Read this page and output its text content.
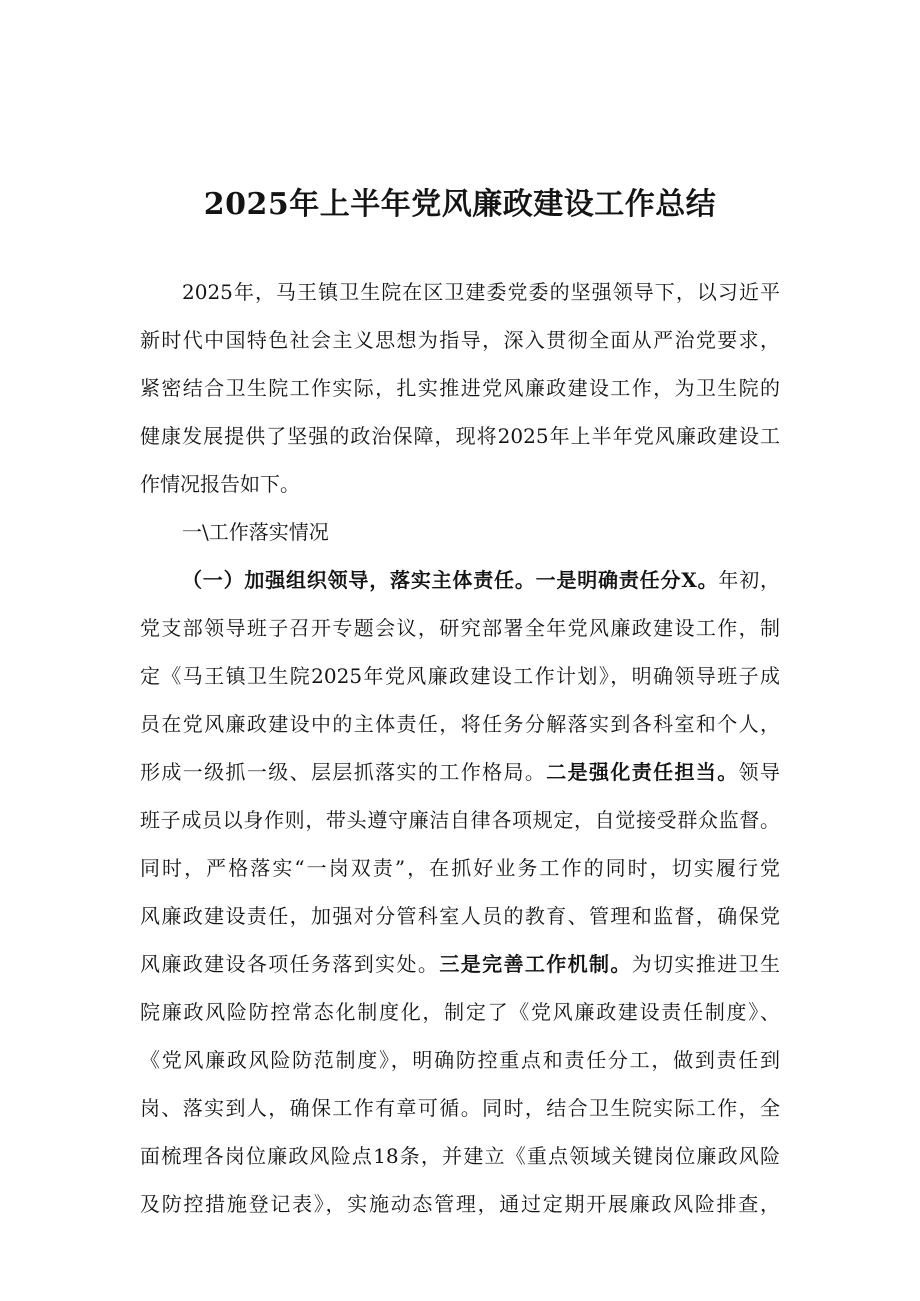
2025年上半年党风廉政建设工作总结
2025年，马王镇卫生院在区卫建委党委的坚强领导下，以习近平
新时代中国特色社会主义思想为指导，深入贯彻全面从严治党要求，
紧密结合卫生院工作实际，扎实推进党风廉政建设工作，为卫生院的
健康发展提供了坚强的政治保障，现将2025年上半年党风廉政建设工
作情况报告如下。
一\工作落实情况
（一）加强组织领导，落实主体责任。一是明确责任分X。年初，
党支部领导班子召开专题会议，研究部署全年党风廉政建设工作，制
定《马王镇卫生院2025年党风廉政建设工作计划》，明确领导班子成
员在党风廉政建设中的主体责任，将任务分解落实到各科室和个人，
形成一级抓一级、层层抓落实的工作格局。二是强化责任担当。领导
班子成员以身作则，带头遵守廉洁自律各项规定，自觉接受群众监督。
同时，严格落实“一岗双责”，在抓好业务工作的同时，切实履行党
风廉政建设责任，加强对分管科室人员的教育、管理和监督，确保党
风廉政建设各项任务落到实处。三是完善工作机制。为切实推进卫生
院廉政风险防控常态化制度化，制定了《党风廉政建设责任制度》、
《党风廉政风险防范制度》，明确防控重点和责任分工，做到责任到
岗、落实到人，确保工作有章可循。同时，结合卫生院实际工作，全
面梳理各岗位廉政风险点18条，并建立《重点领域关键岗位廉政风险
及防控措施登记表》，实施动态管理，通过定期开展廉政风险排查，
